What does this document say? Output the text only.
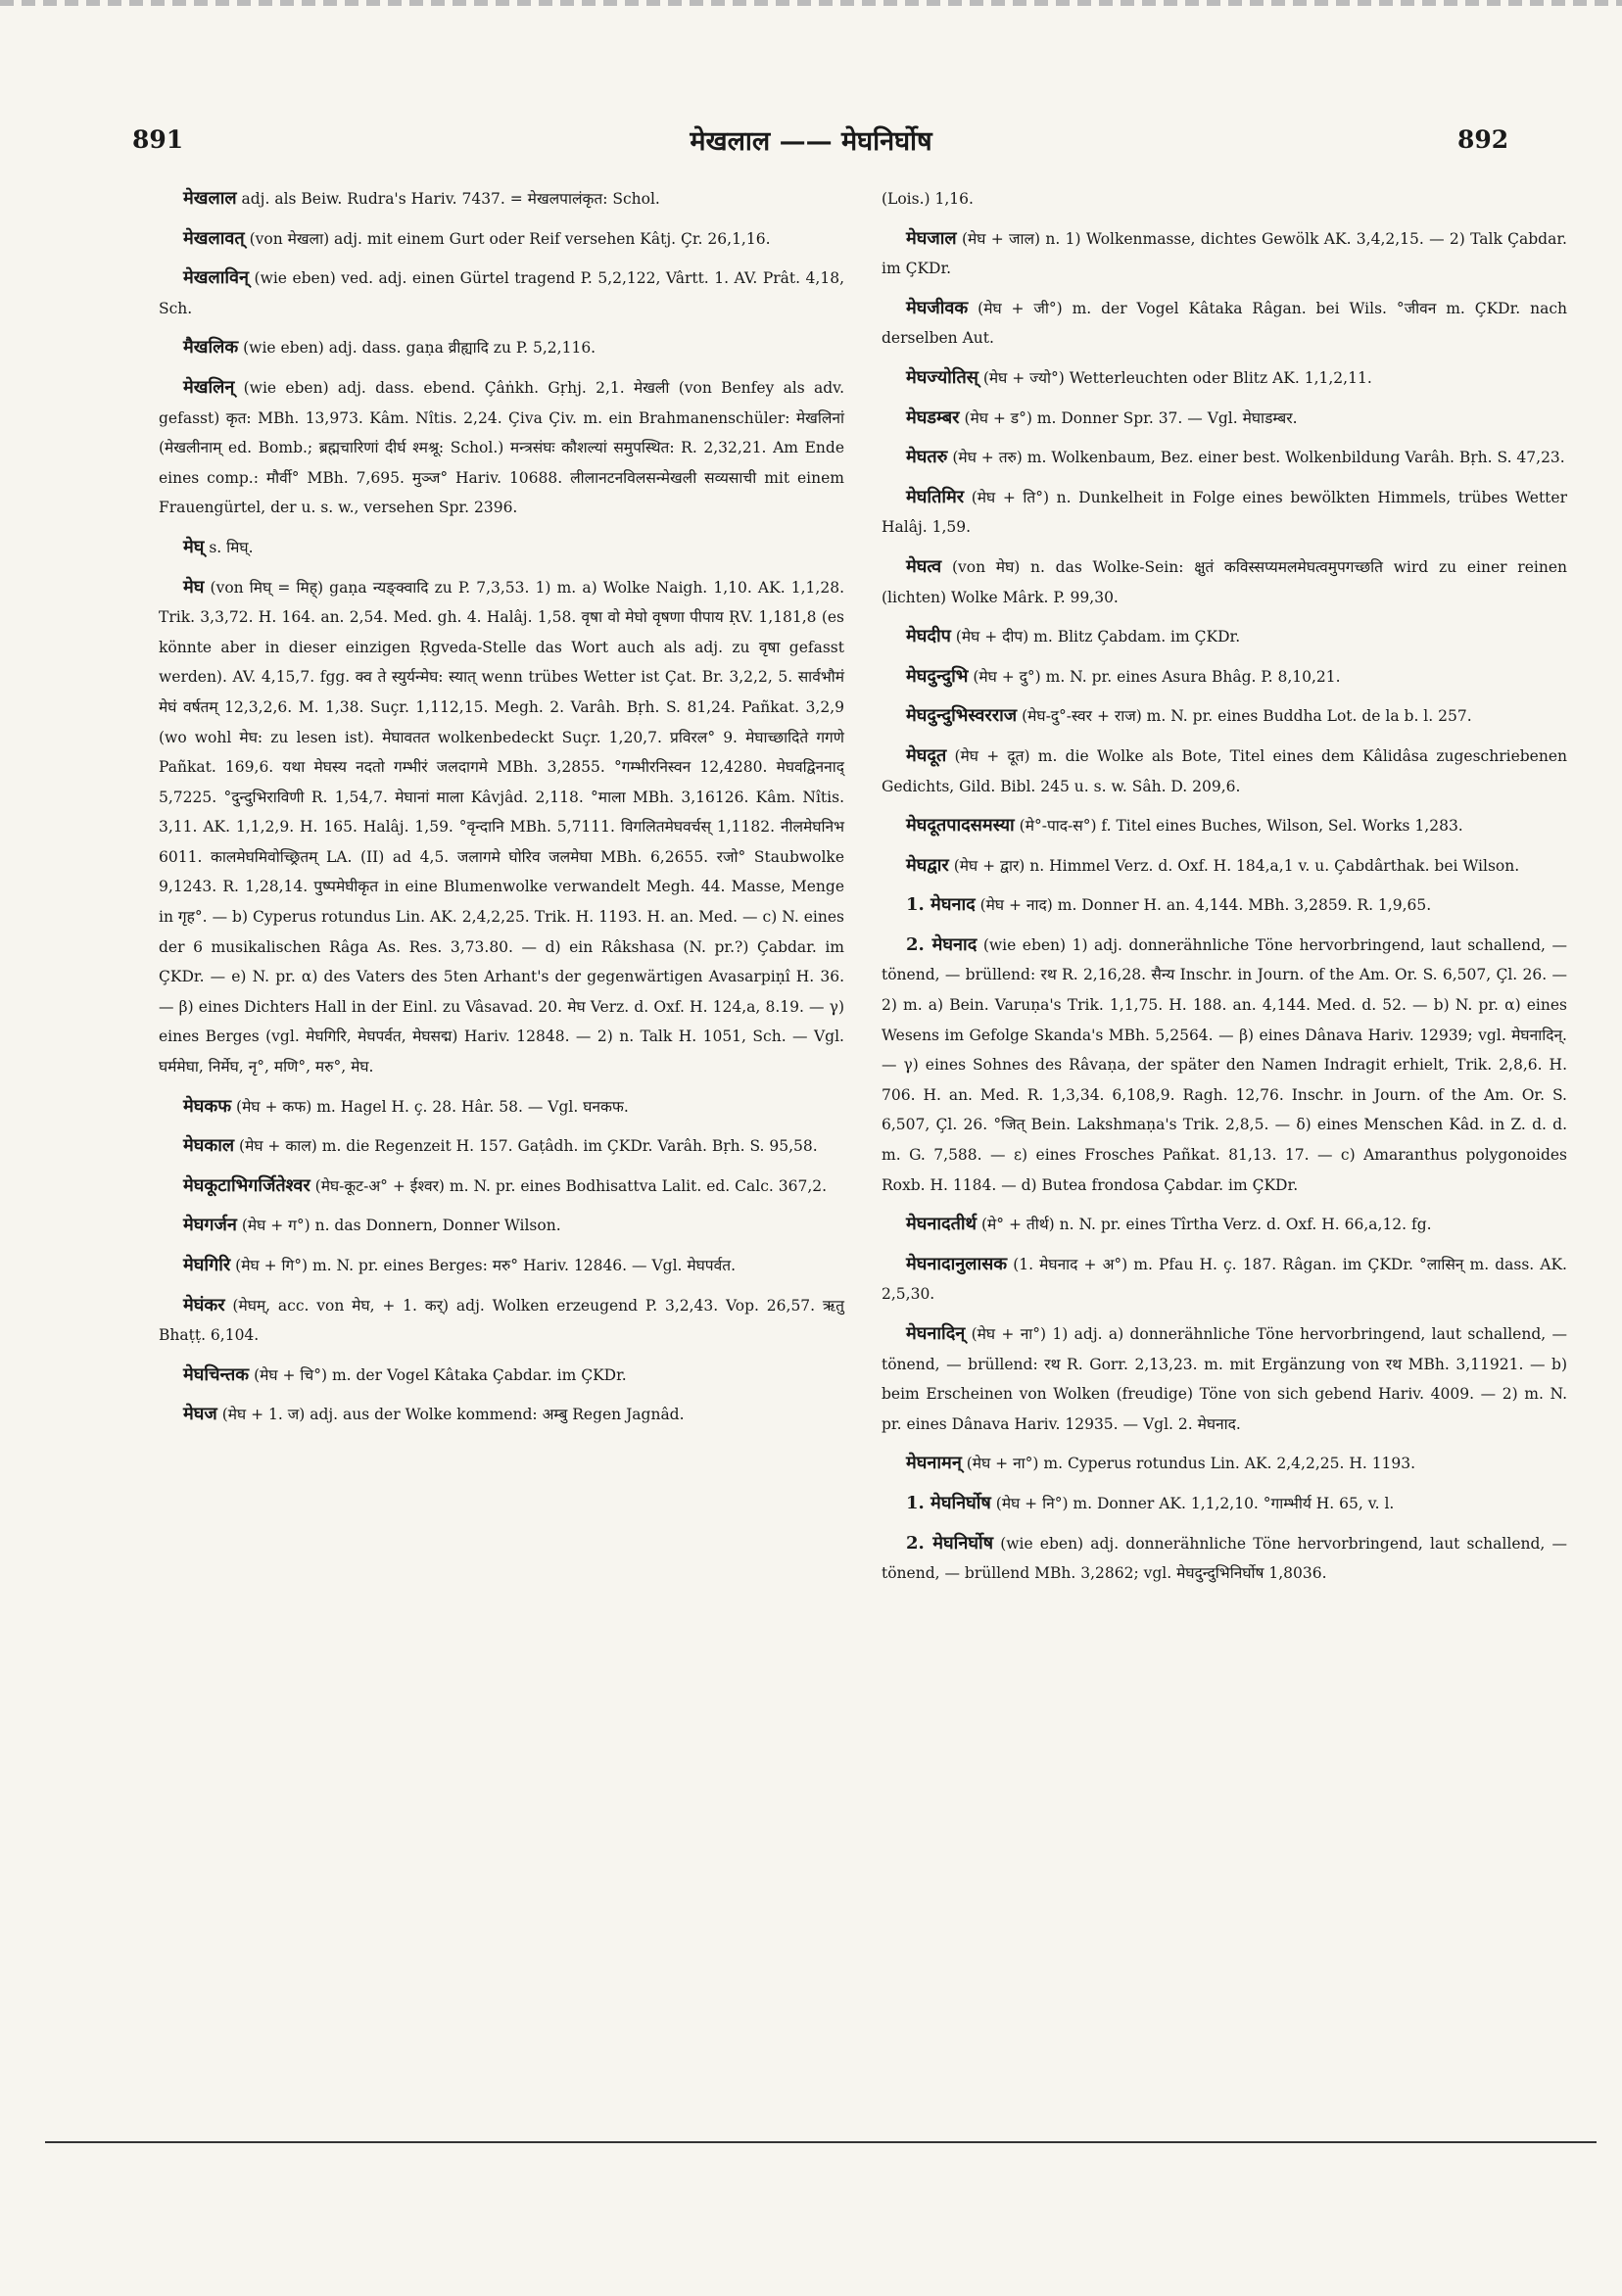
891	मेखलाल —— मेघनिर्घोष	892

मेखलाल adj. als Beiw. Rudra's Hariv. 7437. = मेखलपालंकृत: Schol.

मेखलावत् (von मेखला) adj. mit einem Gurt oder Reif versehen Kâtj. Çr. 26,1,16.

मेखलाविन् (wie eben) ved. adj. einen Gürtel tragend P. 5,2,122, Vârtt. 1. AV. Prât. 4,18, Sch.

मैखलिक (wie eben) adj. dass. gaṇa व्रीह्यादि zu P. 5,2,116.

मेखलिन् (wie eben) adj. dass. ebend. Çâṅkh. Gṛhj. 2,1. मेखली (von Benfey als adv. gefasst) कृत: MBh. 13,973. Kâm. Nîtis. 2,24. Çiva Çiv. m. ein Brahmanenschüler: मेखलिनां (मेखलीनाम् ed. Bomb.; ब्रह्मचारिणां दीर्घ श्मश्रू: Schol.) मन्त्रसंघः कौशल्यां समुपस्थित: R. 2,32,21. Am Ende eines comp.: मौर्वी° MBh. 7,695. मुञ्ज° Hariv. 10688. लीलानटनविलसन्मेखली सव्यसाची mit einem Frauengürtel, der u. s. w., versehen Spr. 2396.

मेघ् s. मिघ्.

मेघ (von मिघ् = मिह्) gaṇa न्यङ्क्वादि zu P. 7,3,53. 1) m. a) Wolke Naigh. 1,10. AK. 1,1,28. Trik. 3,3,72. H. 164. an. 2,54. Med. gh. 4. Halâj. 1,58. वृषा वो मेघो वृषणा पीपाय ṚV. 1,181,8 (es könnte aber in dieser einzigen Ṛgveda-Stelle das Wort auch als adj. zu वृषा gefasst werden). AV. 4,15,7. fgg. क्व ते स्युर्यन्मेघ: स्यात् wenn trübes Wetter ist Çat. Br. 3,2,2, 5. सार्वभौमं मेघं वर्षतम् 12,3,2,6. M. 1,38. Suçr. 1,112,15. Megh. 2. Varâh. Bṛh. S. 81,24. Pañkat. 3,2,9 (wo wohl मेघ: zu lesen ist). मेघावतत wolkenbedeckt Suçr. 1,20,7. प्रविरल° 9. मेघाच्छादिते गगणे Pañkat. 169,6. यथा मेघस्य नदतो गम्भीरं जलदागमे MBh. 3,2855. °गम्भीरनिस्वन 12,4280. मेघवद्विननाद् 5,7225. °दुन्दुभिराविणी R. 1,54,7. मेघानां माला Kâvjâd. 2,118. °माला MBh. 3,16126. Kâm. Nîtis. 3,11. AK. 1,1,2,9. H. 165. Halâj. 1,59. °वृन्दानि MBh. 5,7111. विगलितमेघवर्चस् 1,1182. नीलमेघनिभ 6011. कालमेघमिवोच्छ्रितम् LA. (II) ad 4,5. जलागमे घोरिव जलमेघा MBh. 6,2655. रजो° Staubwolke 9,1243. R. 1,28,14. पुष्पमेघीकृत in eine Blumenwolke verwandelt Megh. 44. Masse, Menge in गृह°. — b) Cyperus rotundus Lin. AK. 2,4,2,25. Trik. H. 1193. H. an. Med. — c) N. eines der 6 musikalischen Râga As. Res. 3,73.80. — d) ein Râkshasa (N. pr.?) Çabdar. im ÇKDr. — e) N. pr. α) des Vaters des 5ten Arhant's der gegenwärtigen Avasarpiṇî H. 36. — β) eines Dichters Hall in der Einl. zu Vâsavad. 20. मेघ Verz. d. Oxf. H. 124,a, 8.19. — γ) eines Berges (vgl. मेघगिरि, मेघपर्वत, मेघसद्म) Hariv. 12848. — 2) n. Talk H. 1051, Sch. — Vgl. घर्ममेघा, निर्मेघ, नृ°, मणि°, मरु°, मेघ.

मेघकफ (मेघ + कफ) m. Hagel H. ç. 28. Hâr. 58. — Vgl. घनकफ.

मेघकाल (मेघ + काल) m. die Regenzeit H. 157. Gaṭâdh. im ÇKDr. Varâh. Bṛh. S. 95,58.

मेघकूटाभिगर्जितेश्वर (मेघ-कूट-अ° + ईश्वर) m. N. pr. eines Bodhisattva Lalit. ed. Calc. 367,2.

मेघगर्जन (मेघ + ग°) n. das Donnern, Donner Wilson.

मेघगिरि (मेघ + गि°) m. N. pr. eines Berges: मरु° Hariv. 12846. — Vgl. मेघपर्वत.

मेघंकर (मेघम्, acc. von मेघ, + 1. कर्) adj. Wolken erzeugend P. 3,2,43. Vop. 26,57. ऋतु Bhaṭṭ. 6,104.

मेघचिन्तक (मेघ + चि°) m. der Vogel Kâtaka Çabdar. im ÇKDr.

मेघज (मेघ + 1. ज) adj. aus der Wolke kommend: अम्बु Regen Jagnâd.

(Lois.) 1,16.

मेघजाल (मेघ + जाल) n. 1) Wolkenmasse, dichtes Gewölk AK. 3,4,2,15. — 2) Talk Çabdar. im ÇKDr.

मेघजीवक (मेघ + जी°) m. der Vogel Kâtaka Râgan. bei Wils. °जीवन m. ÇKDr. nach derselben Aut.

मेघज्योतिस् (मेघ + ज्यो°) Wetterleuchten oder Blitz AK. 1,1,2,11.

मेघडम्बर (मेघ + ड°) m. Donner Spr. 37. — Vgl. मेघाडम्बर.

मेघतरु (मेघ + तरु) m. Wolkenbaum, Bez. einer best. Wolkenbildung Varâh. Bṛh. S. 47,23.

मेघतिमिर (मेघ + ति°) n. Dunkelheit in Folge eines bewölkten Himmels, trübes Wetter Halâj. 1,59.

मेघत्व (von मेघ) n. das Wolke-Sein: क्षुतं कविस्सप्यमलमेघत्वमुपगच्छति wird zu einer reinen (lichten) Wolke Mârk. P. 99,30.

मेघदीप (मेघ + दीप) m. Blitz Çabdam. im ÇKDr.

मेघदुन्दुभि (मेघ + दु°) m. N. pr. eines Asura Bhâg. P. 8,10,21.

मेघदुन्दुभिस्वरराज (मेघ-दु°-स्वर + राज) m. N. pr. eines Buddha Lot. de la b. l. 257.

मेघदूत (मेघ + दूत) m. die Wolke als Bote, Titel eines dem Kâlidâsa zugeschriebenen Gedichts, Gild. Bibl. 245 u. s. w. Sâh. D. 209,6.

मेघदूतपादसमस्या (मे°-पाद-स°) f. Titel eines Buches, Wilson, Sel. Works 1,283.

मेघद्वार (मेघ + द्वार) n. Himmel Verz. d. Oxf. H. 184,a,1 v. u. Çabdârthak. bei Wilson.

1. मेघनाद (मेघ + नाद) m. Donner H. an. 4,144. MBh. 3,2859. R. 1,9,65.

2. मेघनाद (wie eben) 1) adj. donnerähnliche Töne hervorbringend, laut schallend, — tönend, — brüllend: रथ R. 2,16,28. सैन्य Inschr. in Journ. of the Am. Or. S. 6,507, Çl. 26. — 2) m. a) Bein. Varuṇa's Trik. 1,1,75. H. 188. an. 4,144. Med. d. 52. — b) N. pr. α) eines Wesens im Gefolge Skanda's MBh. 5,2564. — β) eines Dânava Hariv. 12939; vgl. मेघनादिन्. — γ) eines Sohnes des Râvaṇa, der später den Namen Indragit erhielt, Trik. 2,8,6. H. 706. H. an. Med. R. 1,3,34. 6,108,9. Ragh. 12,76. Inschr. in Journ. of the Am. Or. S. 6,507, Çl. 26. °जित् Bein. Lakshmaṇa's Trik. 2,8,5. — δ) eines Menschen Kâd. in Z. d. d. m. G. 7,588. — ε) eines Frosches Pañkat. 81,13. 17. — c) Amaranthus polygonoides Roxb. H. 1184. — d) Butea frondosa Çabdar. im ÇKDr.

मेघनादतीर्थ (मे° + तीर्थ) n. N. pr. eines Tîrtha Verz. d. Oxf. H. 66,a,12. fg.

मेघनादानुलासक (1. मेघनाद + अ°) m. Pfau H. ç. 187. Râgan. im ÇKDr. °लासिन् m. dass. AK. 2,5,30.

मेघनादिन् (मेघ + ना°) 1) adj. a) donnerähnliche Töne hervorbringend, laut schallend, — tönend, — brüllend: रथ R. Gorr. 2,13,23. m. mit Ergänzung von रथ MBh. 3,11921. — b) beim Erscheinen von Wolken (freudige) Töne von sich gebend Hariv. 4009. — 2) m. N. pr. eines Dânava Hariv. 12935. — Vgl. 2. मेघनाद.

मेघनामन् (मेघ + ना°) m. Cyperus rotundus Lin. AK. 2,4,2,25. H. 1193.

1. मेघनिर्घोष (मेघ + नि°) m. Donner AK. 1,1,2,10. °गाम्भीर्य H. 65, v. l.

2. मेघनिर्घोष (wie eben) adj. donnerähnliche Töne hervorbringend, laut schallend, — tönend, — brüllend MBh. 3,2862; vgl. मेघदुन्दुभिनिर्घोष 1,8036.
